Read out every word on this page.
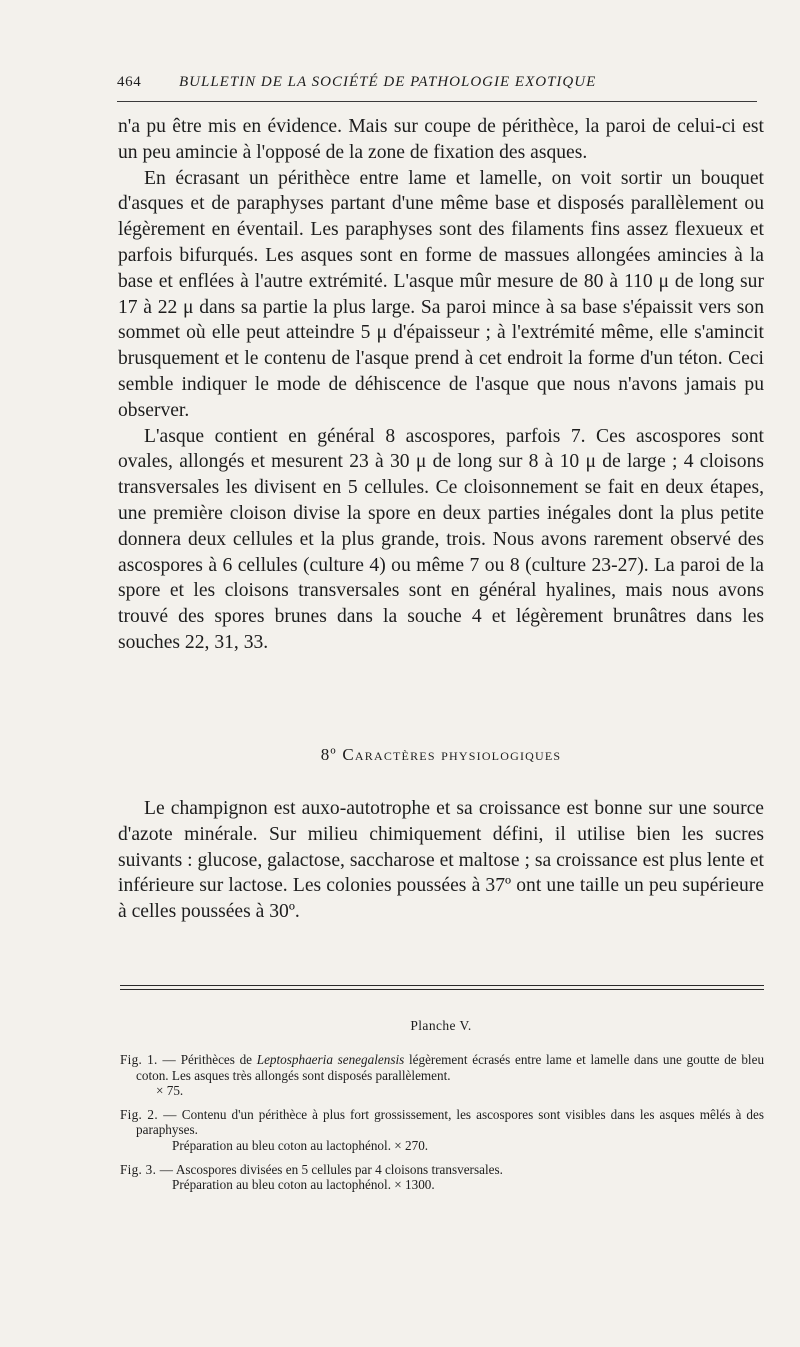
464	BULLETIN DE LA SOCIÉTÉ DE PATHOLOGIE EXOTIQUE

n'a pu être mis en évidence. Mais sur coupe de périthèce, la paroi de celui-ci est un peu amincie à l'opposé de la zone de fixation des asques.

En écrasant un périthèce entre lame et lamelle, on voit sortir un bouquet d'asques et de paraphyses partant d'une même base et disposés parallèlement ou légèrement en éventail. Les paraphyses sont des filaments fins assez flexueux et parfois bifurqués. Les asques sont en forme de massues allongées amincies à la base et enflées à l'autre extrémité. L'asque mûr mesure de 80 à 110 μ de long sur 17 à 22 μ dans sa partie la plus large. Sa paroi mince à sa base s'épaissit vers son sommet où elle peut atteindre 5 μ d'épaisseur ; à l'extrémité même, elle s'amincit brusquement et le contenu de l'asque prend à cet endroit la forme d'un téton. Ceci semble indiquer le mode de déhiscence de l'asque que nous n'avons jamais pu observer.

L'asque contient en général 8 ascospores, parfois 7. Ces ascospores sont ovales, allongés et mesurent 23 à 30 μ de long sur 8 à 10 μ de large ; 4 cloisons transversales les divisent en 5 cellules. Ce cloisonnement se fait en deux étapes, une première cloison divise la spore en deux parties inégales dont la plus petite donnera deux cellules et la plus grande, trois. Nous avons rarement observé des ascospores à 6 cellules (culture 4) ou même 7 ou 8 (culture 23-27). La paroi de la spore et les cloisons transversales sont en général hyalines, mais nous avons trouvé des spores brunes dans la souche 4 et légèrement brunâtres dans les souches 22, 31, 33.

8º Caractères physiologiques

Le champignon est auxo-autotrophe et sa croissance est bonne sur une source d'azote minérale. Sur milieu chimiquement défini, il utilise bien les sucres suivants : glucose, galactose, saccharose et maltose ; sa croissance est plus lente et inférieure sur lactose. Les colonies poussées à 37º ont une taille un peu supérieure à celles poussées à 30º.

Planche V.

Fig. 1. — Périthèces de Leptosphaeria senegalensis légèrement écrasés entre lame et lamelle dans une goutte de bleu coton. Les asques très allongés sont disposés parallèlement.
× 75.

Fig. 2. — Contenu d'un périthèce à plus fort grossissement, les ascospores sont visibles dans les asques mêlés à des paraphyses.
Préparation au bleu coton au lactophénol. × 270.

Fig. 3. — Ascospores divisées en 5 cellules par 4 cloisons transversales.
Préparation au bleu coton au lactophénol. × 1300.
